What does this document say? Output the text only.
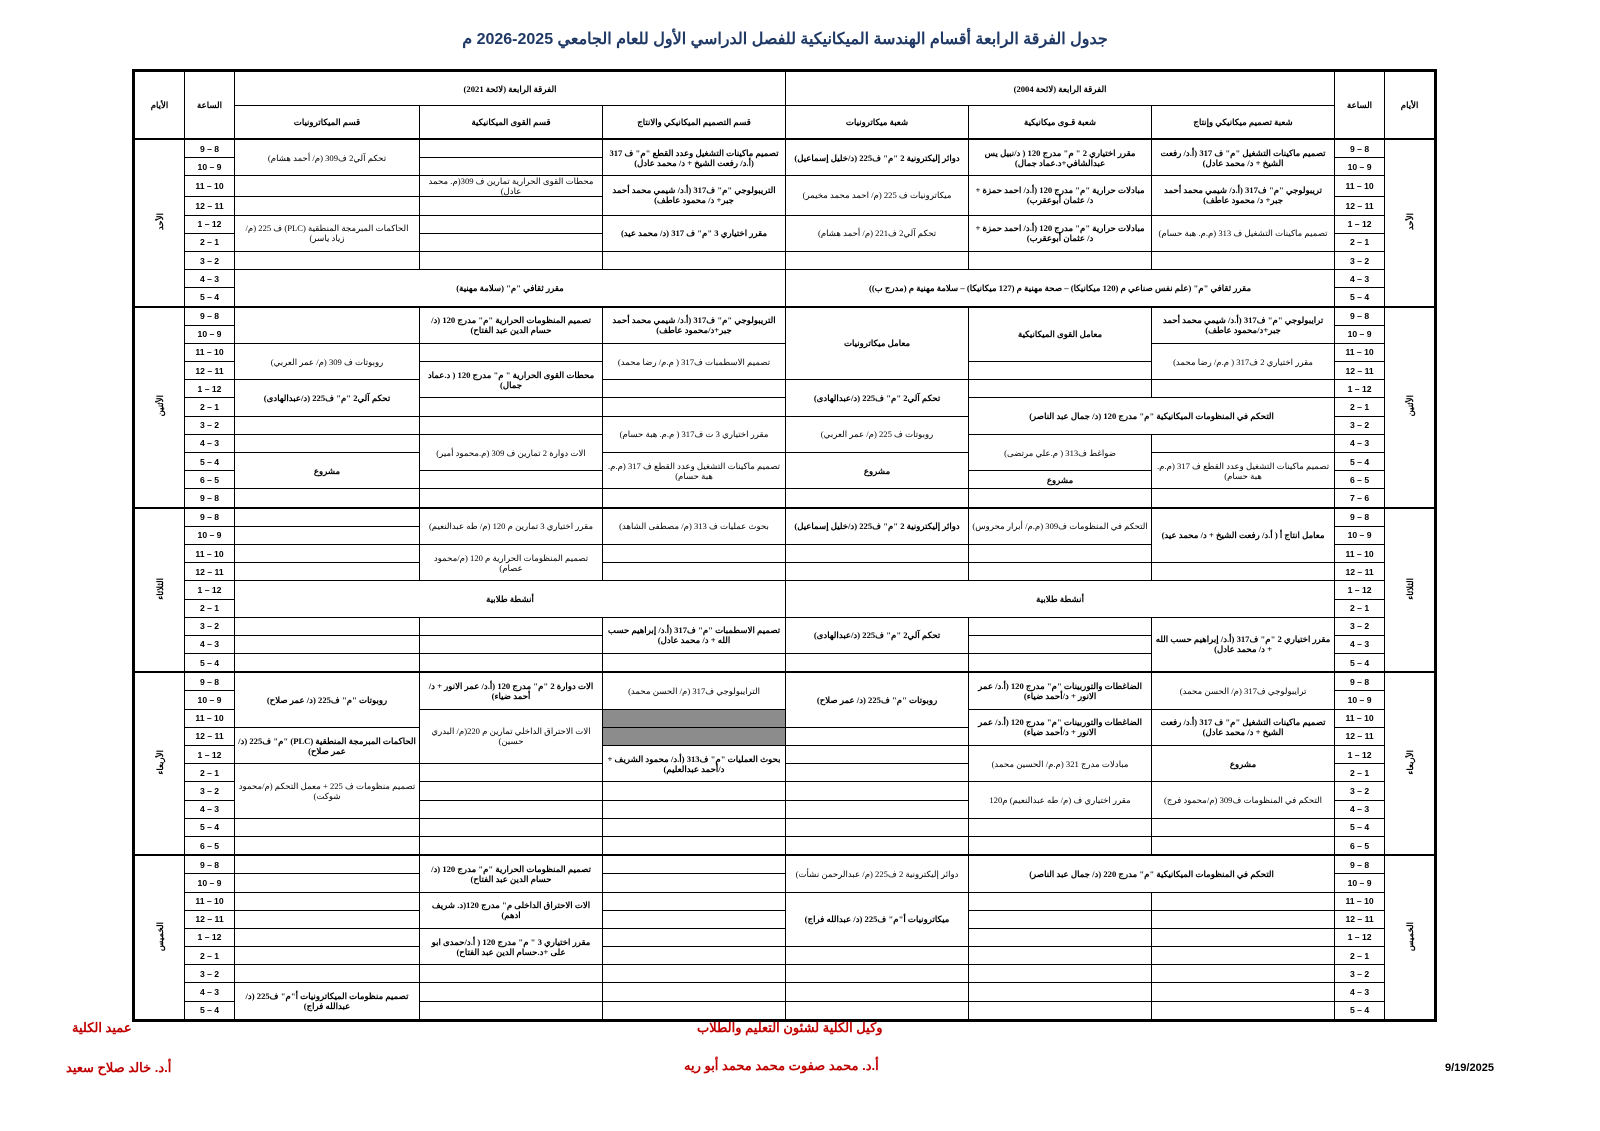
جدول الفرقة الرابعة أقسام الهندسة الميكانيكية للفصل الدراسي الأول للعام الجامعي 2025-2026 م
الأيام	الساعة	الفرقة الرابعة (لائحة 2004)			الفرقة الرابعة (لائحة 2021)			الساعة	الأيام
		شعبة تصميم ميكانيكي وإنتاج	شعبة قـوى ميكانيكية	شعبة ميكاترونيات	قسم التصميم الميكانيكي والانتاج	قسم القوى الميكانيكية	قسم الميكاترونيات		
الأحد	8 – 9	تصميم ماكينات التشغيل "م" ف 317 (أ.د/ رفعت الشيخ + د/ محمد عادل)	مقرر اختياري 2 " م" مدرج 120 ( د/نبيل يس عبدالشافي+د.عماد جمال)	دوائر إليكترونية 2 "م" ف225 (د/خليل إسماعيل)	تصميم ماكينات التشغيل وعدد القطع "م" ف 317 (أ.د/ رفعت الشيخ + د/ محمد عادل)		تحكم آلي2 ف309 (م/ أحمد هشام)	8 – 9	الأحد
	9 – 10							9 – 10	
	10 – 11	تريبولوجي "م" ف317 (أ.د/ شيمي محمد أحمد جبر+ د/ محمود عاطف)	مبادلات حرارية "م" مدرج 120 (أ.د/ احمد حمزة + د/ عثمان أبوعقرب)	ميكاترونيات ف 225 (م/ احمد محمد مخيمر)	التريبولوجي "م" ف317 (أ.د/ شيمي محمد أحمد جبر+ د/ محمود عاطف)	محطات القوى الحرارية تمارين ف 309(م. محمد عادل)		10 – 11	
	11 – 12							11 – 12	
	12 – 1	تصميم ماكينات التشغيل ف 313 (م.م. هبة حسام)	مبادلات حرارية "م" مدرج 120 (أ.د/ احمد حمزة + د/ عثمان أبوعقرب)	تحكم آلي2 ف221 (م/ أحمد هشام)	مقرر اختياري 3 "م" ف 317 (د/ محمد عيد)		الحاكمات المبرمجة المنطقية (PLC) ف 225 (م/ زياد ياسر)	12 – 1	
	1 – 2							1 – 2	
	2 – 3							2 – 3	
	3 – 4	مقرر ثقافي "م" (علم نفس صناعي م (120 ميكانيكا) – صحة مهنية م (127 ميكانيكا) – سلامة مهنية م (مدرج ب))			مقرر ثقافي "م" (سلامة مهنية)			3 – 4	
	4 – 5							4 – 5	
الأثنين	8 – 9	ترايبولوجي "م" ف317 (أ.د/ شيمي محمد أحمد جبر+د/محمود عاطف)	معامل القوى الميكانيكية	معامل ميكاترونيات	التريبولوجي "م" ف317 (أ.د/ شيمي محمد أحمد جبر+د/محمود عاطف)	تصميم المنظومات الحرارية "م" مدرج 120 (د/ حسام الدين عبد الفتاح)		8 – 9	الأثنين
	9 – 10							9 – 10	
	10 – 11	مقرر اختياري 2 ف317 ( م.م/ رضا محمد)			تصميم الاسطمبات ف317 ( م.م/ رضا محمد)		روبوتات ف 309 (م/ عمر العربي)	10 – 11	
	11 – 12					محطات القوى الحرارية " م" مدرج 120 ( د.عماد جمال)		11 – 12	
	12 – 1			تحكم آلي2 "م" ف225 (د/عبدالهادى)			تحكم آلي2 "م" ف225 (د/عبدالهادى)	12 – 1	
	1 – 2	التحكم في المنظومات الميكانيكية "م" مدرج 120 (د/ جمال عبد الناصر)						1 – 2	
	2 – 3			روبوتات ف 225 (م/ عمر العربي)	مقرر اختياري 3 ت ف317 ( م.م. هبة حسام)			2 – 3	
	3 – 4		ضواغط ف313 ( م.علي مرتضى)			الات دوارة 2 تمارين ف 309 (م.محمود أمير)		3 – 4	
	4 – 5	تصميم ماكينات التشغيل وعدد القطع ف 317 (م.م. هبة حسام)		مشروع	تصميم ماكينات التشغيل وعدد القطع ف 317 (م.م. هبة حسام)		مشروع	4 – 5	
	5 – 6		مشروع					5 – 6	
	6 – 7							8 – 9	
الثلاثاء	8 – 9	معامل انتاج أ ( أ.د/ رفعت الشيخ + د/ محمد عيد)	التحكم في المنظومات ف309 (م.م/ أبرار محروس)	دوائر إليكترونية 2 "م" ف225 (د/خليل إسماعيل)	بحوث عمليات ف 313 (م/ مصطفى الشاهد)	مقرر اختياري 3 تمارين م 120 (م/ طه عبدالنعيم)		8 – 9	الثلاثاء
	9 – 10							9 – 10	
	10 – 11					تصميم المنظومات الحرارية م 120 (م/محمود عصام)		10 – 11	
	11 – 12							11 – 12	
	12 – 1	أنشطة طلابية			أنشطة طلابية			12 – 1	
	1 – 2							1 – 2	
	2 – 3	مقرر اختياري 2 "م" ف317 (أ.د/ إبراهيم حسب الله + د/ محمد عادل)		تحكم آلي2 "م" ف225 (د/عبدالهادى)	تصميم الاسطمبات "م" ف317 (أ.د/ إبراهيم حسب الله + د/ محمد عادل)			2 – 3	
	3 – 4							3 – 4	
	4 – 5							4 – 5	
الأربعاء	8 – 9	ترايبولوجي ف317 (م/ الحسن محمد)	الضاغطات والتوربينات "م" مدرج 120 (أ.د/ عمر الانور + د/أحمد ضياء)	روبوتات "م" ف225 (د/ عمر صلاح)	الترايبولوجي ف317 (م/ الحسن محمد)	الات دوارة 2 "م" مدرج 120 (أ.د/ عمر الانور + د/أحمد ضياء)	روبوتات "م" ف225 (د/ عمر صلاح)	8 – 9	الأربعاء
	9 – 10							9 – 10	
	10 – 11	تصميم ماكينات التشغيل "م" ف 317 (أ.د/ رفعت الشيخ + د/ محمد عادل)	الضاغطات والتوربينات "م" مدرج 120 (أ.د/ عمر الانور + د/أحمد ضياء)			الات الاحتراق الداخلي تمارين م 220(م/ البدري حسين)		10 – 11	
	11 – 12						الحاكمات المبرمجة المنطقية (PLC) "م" ف225 (د/ عمر صلاح)	11 – 12	
	12 – 1	مشروع	مبادلات مدرج 321 (م.م/ الحسين محمد)		بحوث العمليات "م" ف313 (أ.د/ محمود الشريف + د/أحمد عبدالعليم)			12 – 1	
	1 – 2						تصميم منظومات ف 225 + معمل التحكم (م/محمود شوكت)	1 – 2	
	2 – 3	التحكم في المنظومات ف309 (م/محمود فرج)	مقرر اختياري ف (م/ طه عبدالنعيم) م120					2 – 3	
	3 – 4							3 – 4	
	4 – 5							4 – 5	
	5 – 6							5 – 6	
الخميس	8 – 9	التحكم في المنظومات الميكانيكية "م" مدرج 220 (د/ جمال عبد الناصر)		دوائر إليكترونية 2 ف225 (م/ عبدالرحمن نشأت)		تصميم المنظومات الحرارية "م" مدرج 120 (د/ حسام الدين عبد الفتاح)		8 – 9	الخميس
	9 – 10							9 – 10	
	10 – 11			ميكاترونيات أ"م" ف225 (د/ عبدالله فراج)		الات الاحتراق الداخلى م" مدرج 120(د. شريف ادهم)		10 – 11	
	11 – 12							11 – 12	
	12 – 1					مقرر اختياري 3 " م" مدرج 120 ( أ.د/حمدى ابو على +د.حسام الدين عبد الفتاح)		12 – 1	
	1 – 2							1 – 2	
	2 – 3							2 – 3	
	3 – 4						تصميم منظومات الميكاترونيات أ"م" ف225 (د/ عبدالله فراج)	3 – 4	
	4 – 5							4 – 5	
عميد الكلية
أ.د. خالد صلاح سعيد
وكيل الكلية لشئون التعليم والطلاب
أ.د. محمد صفوت محمد محمد أبو ريه	9/19/2025
